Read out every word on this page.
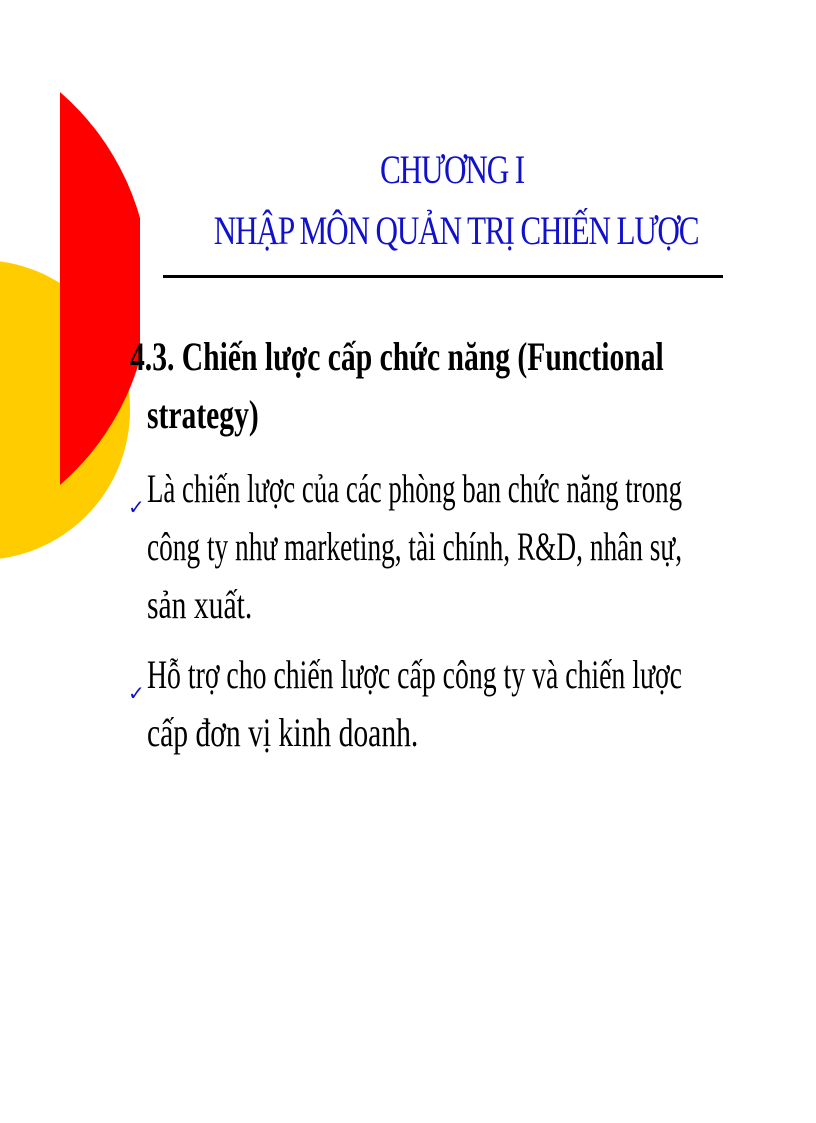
CHƯƠNG I
NHẬP MÔN QUẢN TRỊ CHIẾN LƯỢC
4.3. Chiến lược cấp chức năng (Functional
strategy)
✓ Là chiến lược của các phòng ban chức năng trong
công ty như marketing, tài chính, R&D, nhân sự,
sản xuất.
✓ Hỗ trợ cho chiến lược cấp công ty và chiến lược
cấp đơn vị kinh doanh.
